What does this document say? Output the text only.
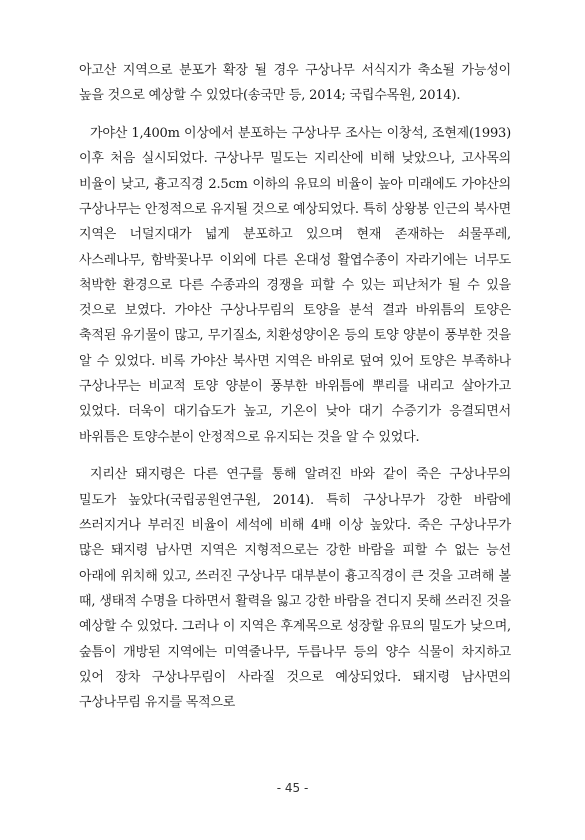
아고산 지역으로 분포가 확장 될 경우 구상나무 서식지가 축소될 가능성이 높을 것으로 예상할 수 있었다(송국만 등, 2014; 국립수목원, 2014).

가야산 1,400m 이상에서 분포하는 구상나무 조사는 이창석, 조현제(1993) 이후 처음 실시되었다. 구상나무 밀도는 지리산에 비해 낮았으나, 고사목의 비율이 낮고, 흉고직경 2.5cm 이하의 유묘의 비율이 높아 미래에도 가야산의 구상나무는 안정적으로 유지될 것으로 예상되었다. 특히 상왕봉 인근의 북사면 지역은 너덜지대가 넓게 분포하고 있으며 현재 존재하는 쇠물푸레, 사스레나무, 함박꽃나무 이외에 다른 온대성 활엽수종이 자라기에는 너무도 척박한 환경으로 다른 수종과의 경쟁을 피할 수 있는 피난처가 될 수 있을 것으로 보였다. 가야산 구상나무림의 토양을 분석 결과 바위틈의 토양은 축적된 유기물이 많고, 무기질소, 치환성양이온 등의 토양 양분이 풍부한 것을 알 수 있었다. 비록 가야산 북사면 지역은 바위로 덮여 있어 토양은 부족하나 구상나무는 비교적 토양 양분이 풍부한 바위틈에 뿌리를 내리고 살아가고 있었다. 더욱이 대기습도가 높고, 기온이 낮아 대기 수증기가 응결되면서 바위틈은 토양수분이 안정적으로 유지되는 것을 알 수 있었다.

지리산 돼지령은 다른 연구를 통해 알려진 바와 같이 죽은 구상나무의 밀도가 높았다(국립공원연구원, 2014). 특히 구상나무가 강한 바람에 쓰러지거나 부러진 비율이 세석에 비해 4배 이상 높았다. 죽은 구상나무가 많은 돼지령 남사면 지역은 지형적으로는 강한 바람을 피할 수 없는 능선 아래에 위치해 있고, 쓰러진 구상나무 대부분이 흉고직경이 큰 것을 고려해 볼 때, 생태적 수명을 다하면서 활력을 잃고 강한 바람을 견디지 못해 쓰러진 것을 예상할 수 있었다. 그러나 이 지역은 후계목으로 성장할 유묘의 밀도가 낮으며, 숲틈이 개방된 지역에는 미역줄나무, 두릅나무 등의 양수 식물이 차지하고 있어 장차 구상나무림이 사라질 것으로 예상되었다. 돼지령 남사면의 구상나무림 유지를 목적으로

- 45 -
